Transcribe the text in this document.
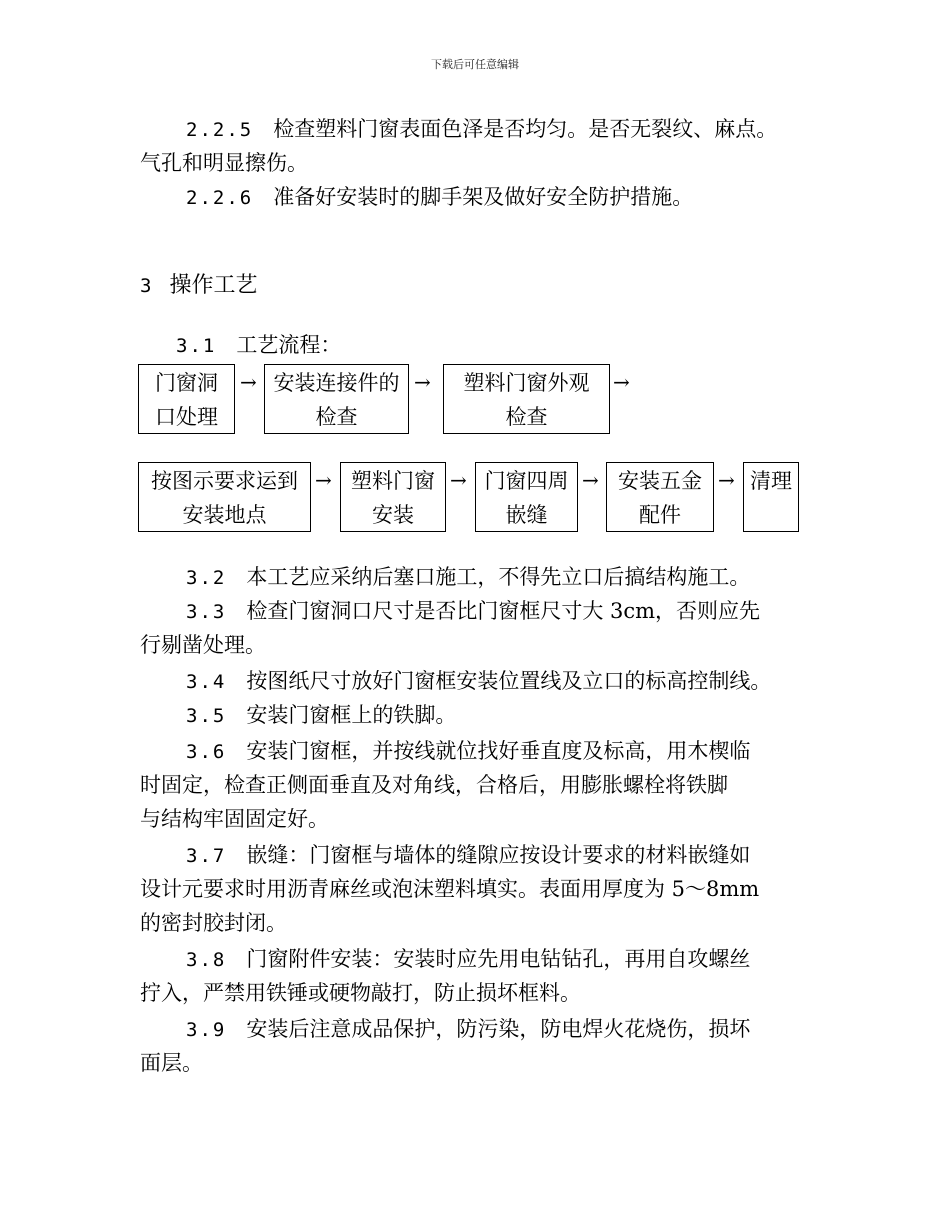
下载后可任意编辑
2.2.5 检查塑料门窗表面色泽是否均匀。是否无裂纹、麻点。
气孔和明显擦伤。
2.2.6 准备好安装时的脚手架及做好安全防护措施。
3 操作工艺
3.1 工艺流程：
门窗洞
口处理
→ 安装连接件的
检查
→	塑料门窗外观
检查
→
按图示要求运到
安装地点
→ 塑料门窗
安装
→ 门窗四周
嵌缝
→ 安装五金
配件
→ 清理
3.2 本工艺应采纳后塞口施工，不得先立口后搞结构施工。
3.3 检查门窗洞口尺寸是否比门窗框尺寸大 3cm，否则应先
行剔凿处理。
3.4 按图纸尺寸放好门窗框安装位置线及立口的标高控制线。
3.5 安装门窗框上的铁脚。
3.6 安装门窗框，并按线就位找好垂直度及标高，用木楔临
时固定，检查正侧面垂直及对角线，合格后，用膨胀螺栓将铁脚
与结构牢固固定好。
3.7 嵌缝：门窗框与墙体的缝隙应按设计要求的材料嵌缝如
设计元要求时用沥青麻丝或泡沫塑料填实。表面用厚度为 5～8mm
的密封胶封闭。
3.8 门窗附件安装：安装时应先用电钻钻孔，再用自攻螺丝
拧入，严禁用铁锤或硬物敲打，防止损坏框料。
3.9 安装后注意成品保护，防污染，防电焊火花烧伤，损坏
面层。
